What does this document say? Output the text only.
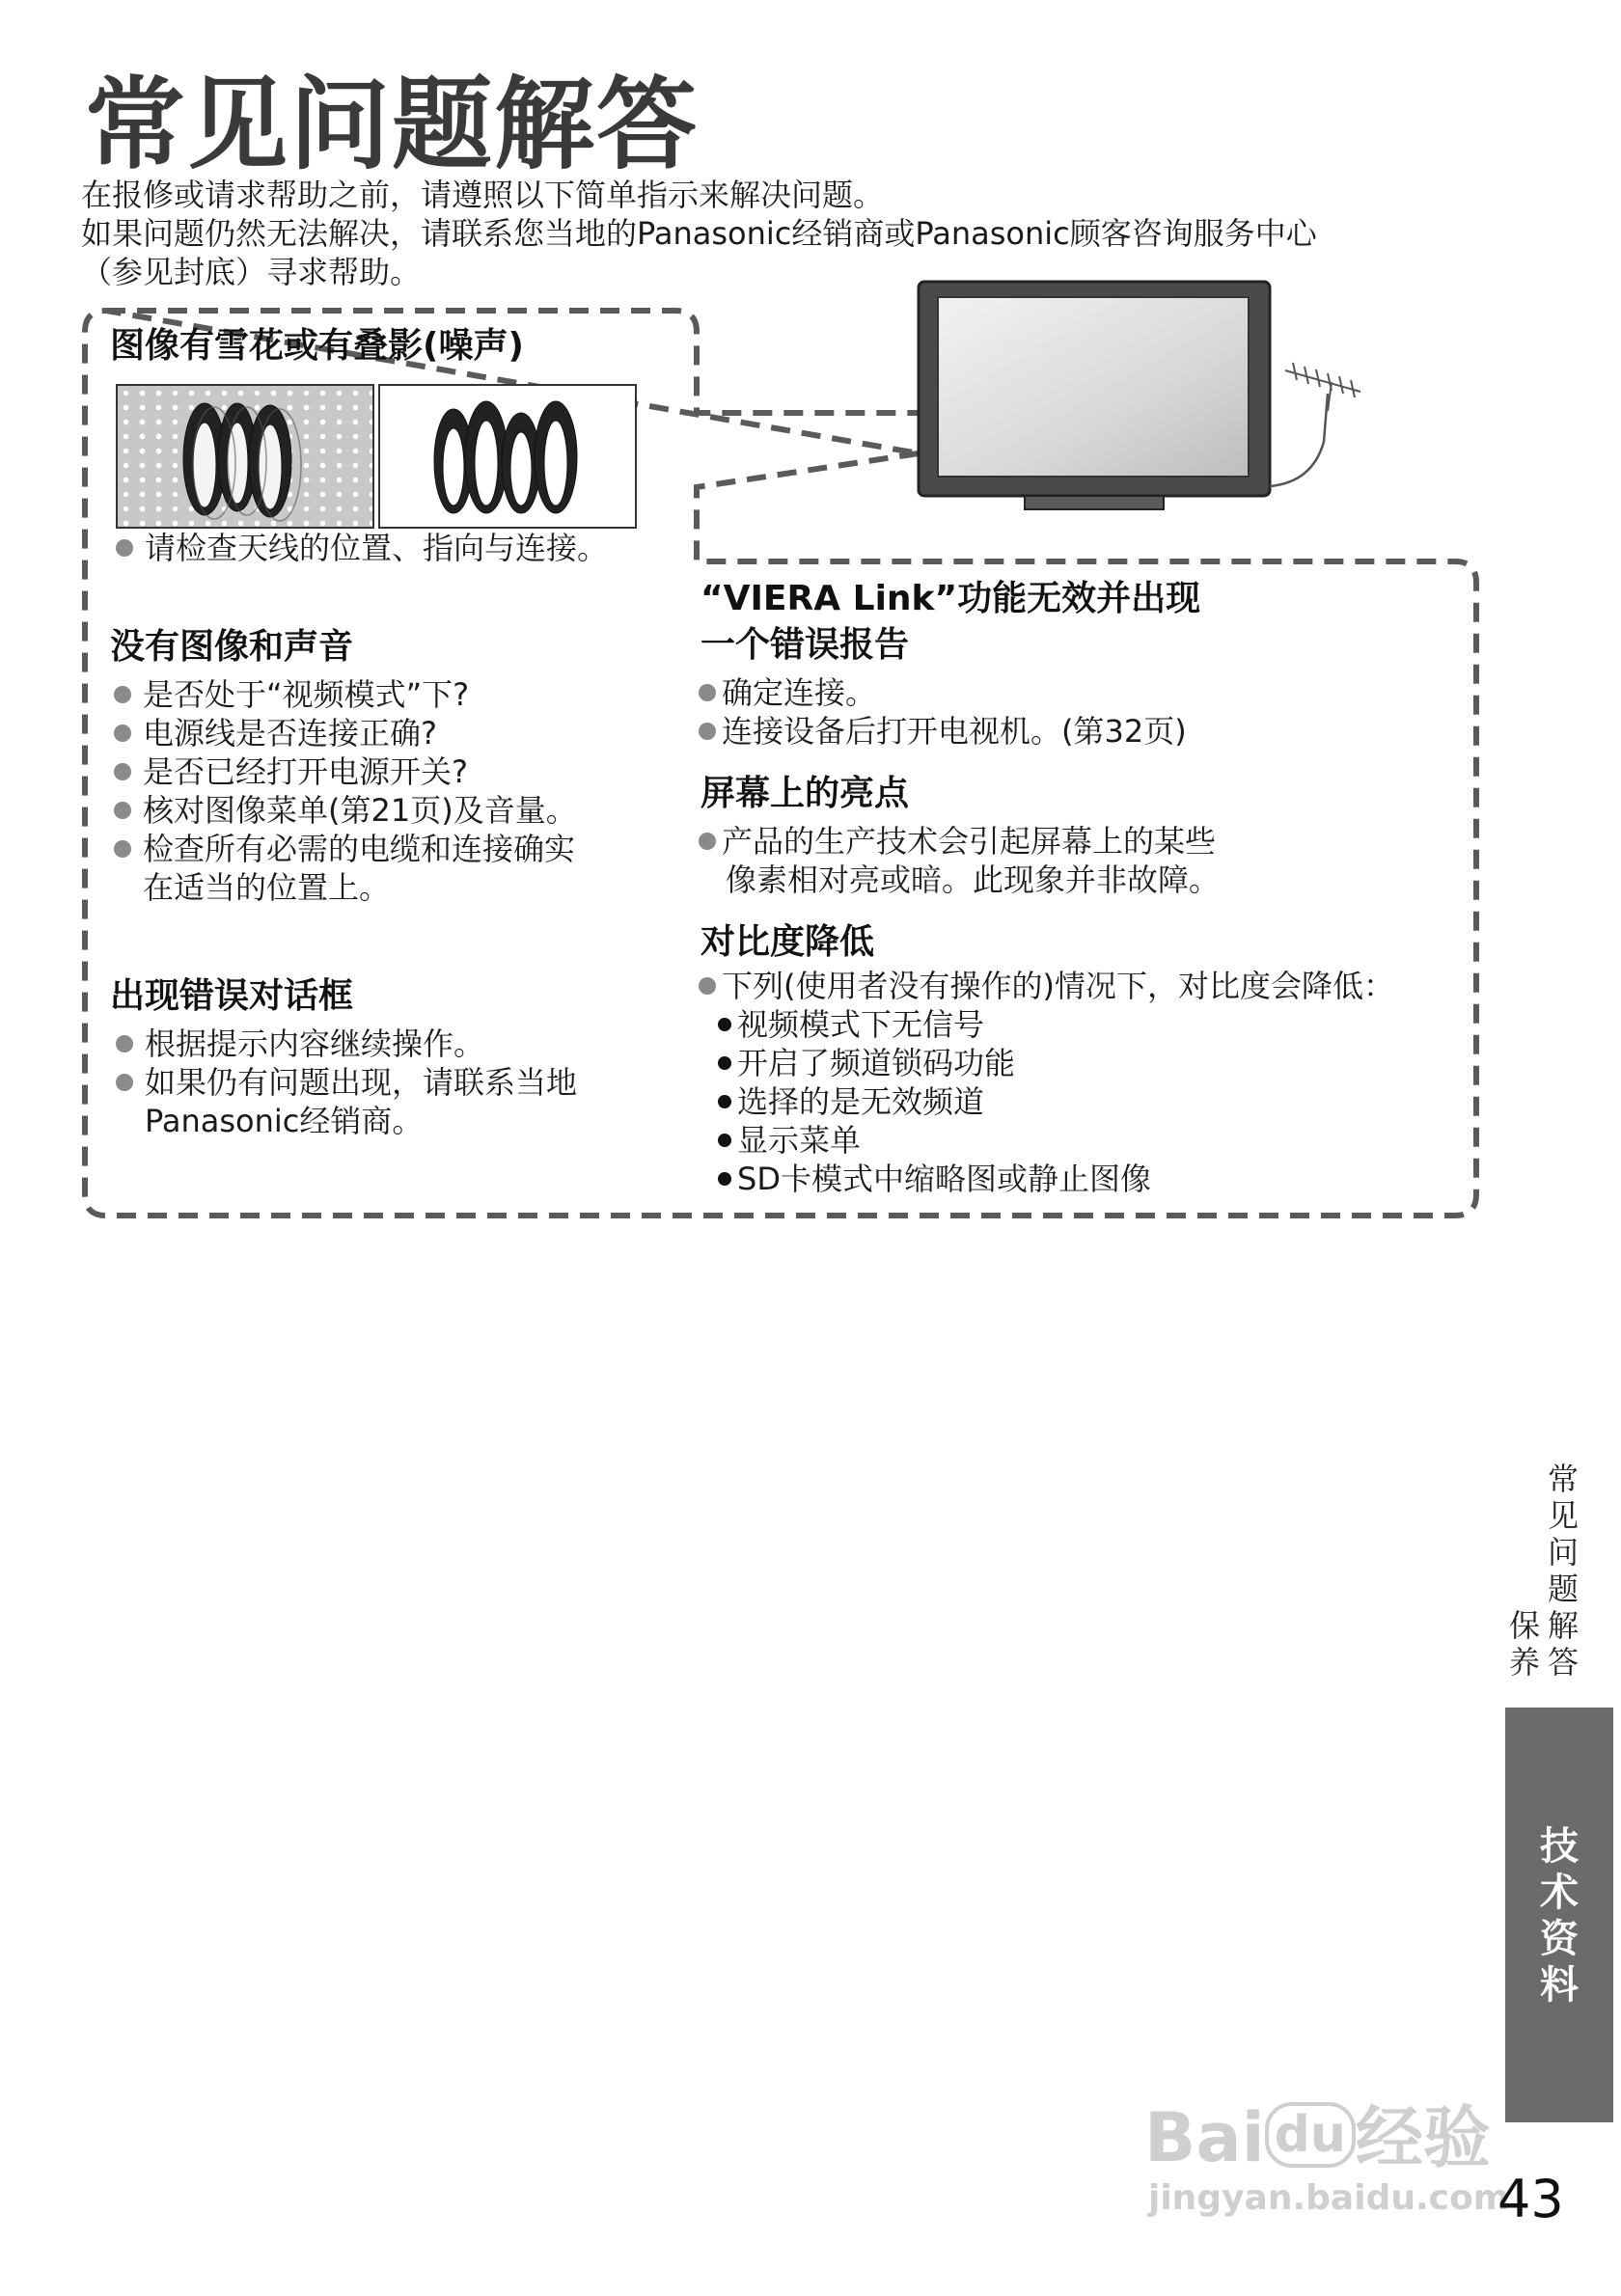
常见问题解答
在报修或请求帮助之前，请遵照以下简单指示来解决问题。
如果问题仍然无法解决，请联系您当地的Panasonic经销商或Panasonic顾客咨询服务中心
（参见封底）寻求帮助。
图像有雪花或有叠影(噪声)
请检查天线的位置、指向与连接。
没有图像和声音
是否处于“视频模式”下?
电源线是否连接正确?
是否已经打开电源开关?
核对图像菜单(第21页)及音量。
检查所有必需的电缆和连接确实
在适当的位置上。
出现错误对话框
根据提示内容继续操作。
如果仍有问题出现，请联系当地
Panasonic经销商。
“VIERA Link”功能无效并出现
一个错误报告
确定连接。
连接设备后打开电视机。(第32页)
屏幕上的亮点
产品的生产技术会引起屏幕上的某些
像素相对亮或暗。此现象并非故障。
对比度降低
下列(使用者没有操作的)情况下，对比度会降低：
视频模式下无信号
开启了频道锁码功能
选择的是无效频道
显示菜单
SD卡模式中缩略图或静止图像
保
养
常
见
问
题
解
答
技
术
资
料
Bai du 经验
jingyan.baidu.com
43
